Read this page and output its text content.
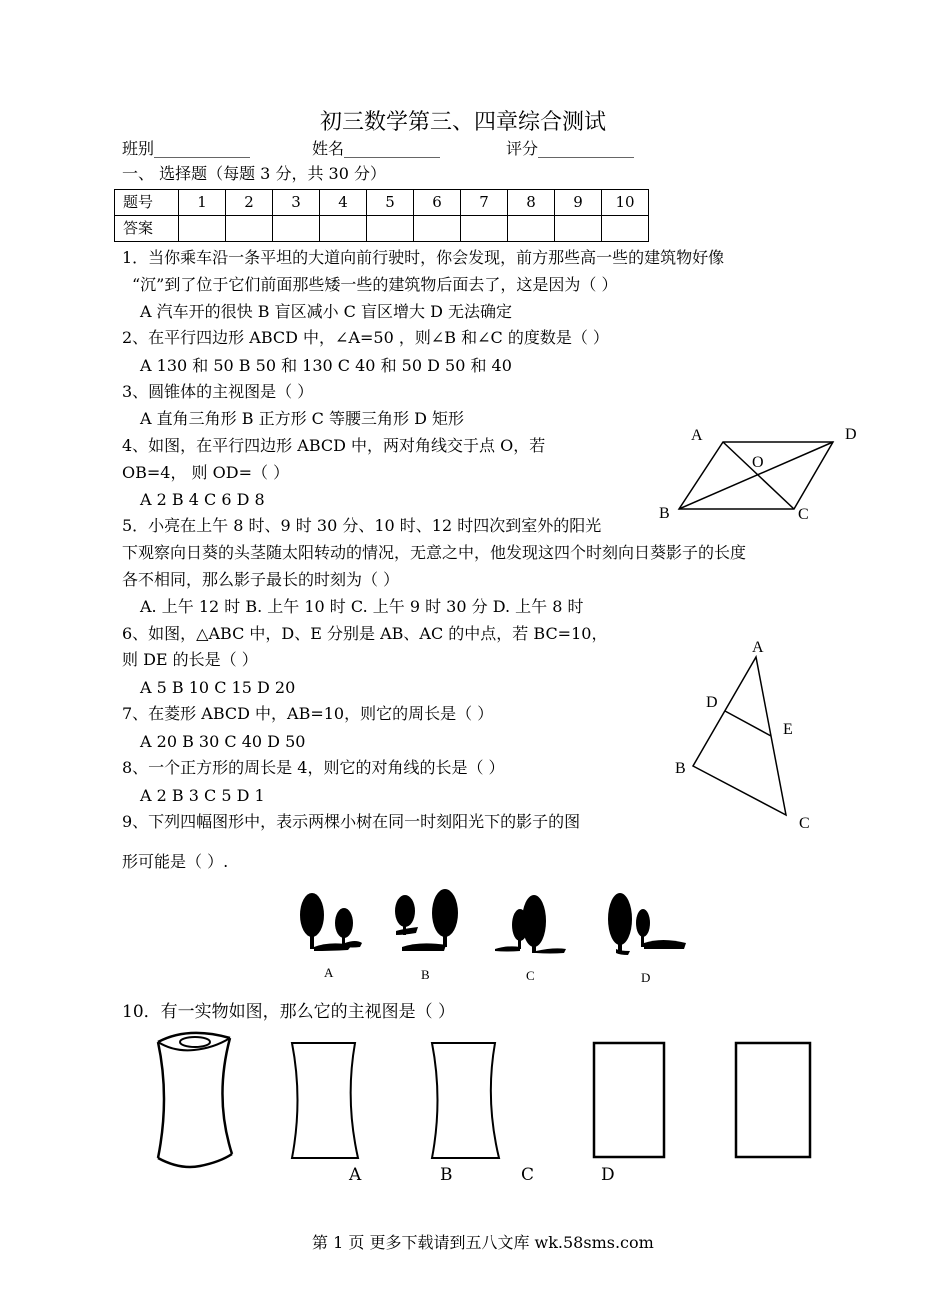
初三数学第三、四章综合测试
班别____________	姓名____________	评分____________
一、 选择题（每题 3 分，共 30 分）
题号	1	2	3	4	5	6	7	8	9	10
答案										
1．当你乘车沿一条平坦的大道向前行驶时，你会发现，前方那些高一些的建筑物好像
“沉”到了位于它们前面那些矮一些的建筑物后面去了，这是因为（ ）
A 汽车开的很快 B 盲区减小 C 盲区增大 D 无法确定
2、在平行四边形 ABCD 中，∠A=50 ，则∠B 和∠C 的度数是（ ）
A 130 和 50 B 50 和 130 C 40 和 50 D 50 和 40
3、圆锥体的主视图是（ ）
A 直角三角形 B 正方形 C 等腰三角形 D 矩形
4、如图，在平行四边形 ABCD 中，两对角线交于点 O，若
OB=4， 则 OD=（ ）
A 2 B 4 C 6 D 8
A	D
O
B	C
5．小亮在上午 8 时、9 时 30 分、10 时、12 时四次到室外的阳光
下观察向日葵的头茎随太阳转动的情况，无意之中，他发现这四个时刻向日葵影子的长度
各不相同，那么影子最长的时刻为（ ）
A. 上午 12 时 B. 上午 10 时 C. 上午 9 时 30 分 D. 上午 8 时
6、如图，△ABC 中，D、E 分别是 AB、AC 的中点，若 BC=10，
则 DE 的长是（ ）
A 5 B 10 C 15 D 20
A
D
E
B
C
7、在菱形 ABCD 中，AB=10，则它的周长是（ ）
A 20 B 30 C 40 D 50
8、一个正方形的周长是 4，则它的对角线的长是（ ）
A 2 B 3 C 5 D 1
9、下列四幅图形中，表示两棵小树在同一时刻阳光下的影子的图
形可能是（ ）.
A	B	C	D
10．有一实物如图，那么它的主视图是（ ）
A	B	C	D
第 1 页 更多下载请到五八文库 wk.58sms.com
